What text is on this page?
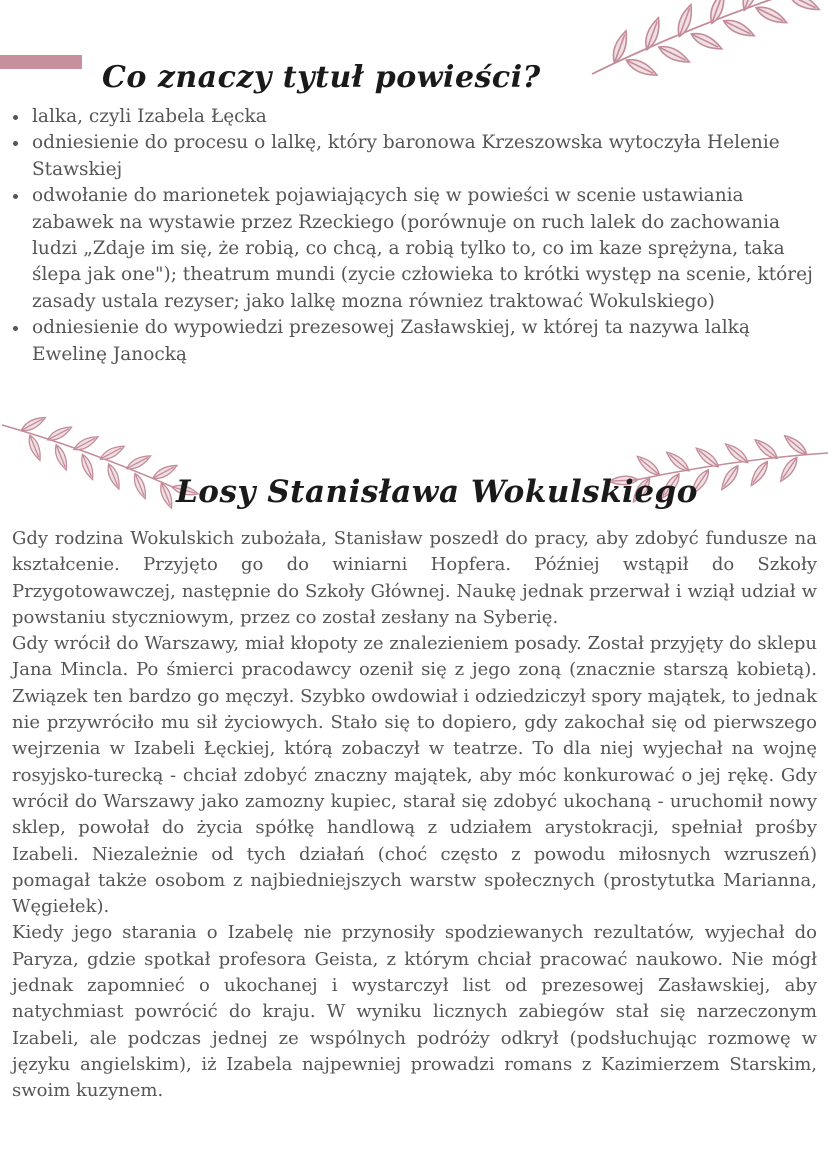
Co znaczy tytuł powieści?
• lalka, czyli Izabela Łęcka
• odniesienie do procesu o lalkę, który baronowa Krzeszowska wytoczyła Helenie Stawskiej
• odwołanie do marionetek pojawiających się w powieści w scenie ustawiania zabawek na wystawie przez Rzeckiego (porównuje on ruch lalek do zachowania ludzi „Zdaje im się, że robią, co chcą, a robią tylko to, co im kaze sprężyna, taka ślepa jak one"); theatrum mundi (zycie człowieka to krótki występ na scenie, której zasady ustala rezyser; jako lalkę mozna równiez traktować Wokulskiego)
• odniesienie do wypowiedzi prezesowej Zasławskiej, w której ta nazywa lalką Ewelinę Janocką
Losy Stanisława Wokulskiego

Gdy rodzina Wokulskich zubożała, Stanisław poszedł do pracy, aby zdobyć fundusze na kształcenie. Przyjęto go do winiarni Hopfera. Później wstąpił do Szkoły Przygotowawczej, następnie do Szkoły Głównej. Naukę jednak przerwał i wziął udział w powstaniu styczniowym, przez co został zesłany na Syberię.

Gdy wrócił do Warszawy, miał kłopoty ze znalezieniem posady. Został przyjęty do sklepu Jana Mincla. Po śmierci pracodawcy ozenił się z jego zoną (znacznie starszą kobietą). Związek ten bardzo go męczył. Szybko owdowiał i odziedziczył spory majątek, to jednak nie przywróciło mu sił życiowych. Stało się to dopiero, gdy zakochał się od pierwszego wejrzenia w Izabeli Łęckiej, którą zobaczył w teatrze. To dla niej wyjechał na wojnę rosyjsko-turecką - chciał zdobyć znaczny majątek, aby móc konkurować o jej rękę. Gdy wrócił do Warszawy jako zamozny kupiec, starał się zdobyć ukochaną - uruchomił nowy sklep, powołał do życia spółkę handlową z udziałem arystokracji, spełniał prośby Izabeli. Niezależnie od tych działań (choć często z powodu miłosnych wzruszeń) pomagał także osobom z najbiedniejszych warstw społecznych (prostytutka Marianna, Węgiełek).

Kiedy jego starania o Izabelę nie przynosiły spodziewanych rezultatów, wyjechał do Paryza, gdzie spotkał profesora Geista, z którym chciał pracować naukowo. Nie mógł jednak zapomnieć o ukochanej i wystarczył list od prezesowej Zasławskiej, aby natychmiast powrócić do kraju. W wyniku licznych zabiegów stał się narzeczonym Izabeli, ale podczas jednej ze wspólnych podróży odkrył (podsłuchując rozmowę w języku angielskim), iż Izabela najpewniej prowadzi romans z Kazimierzem Starskim, swoim kuzynem.
